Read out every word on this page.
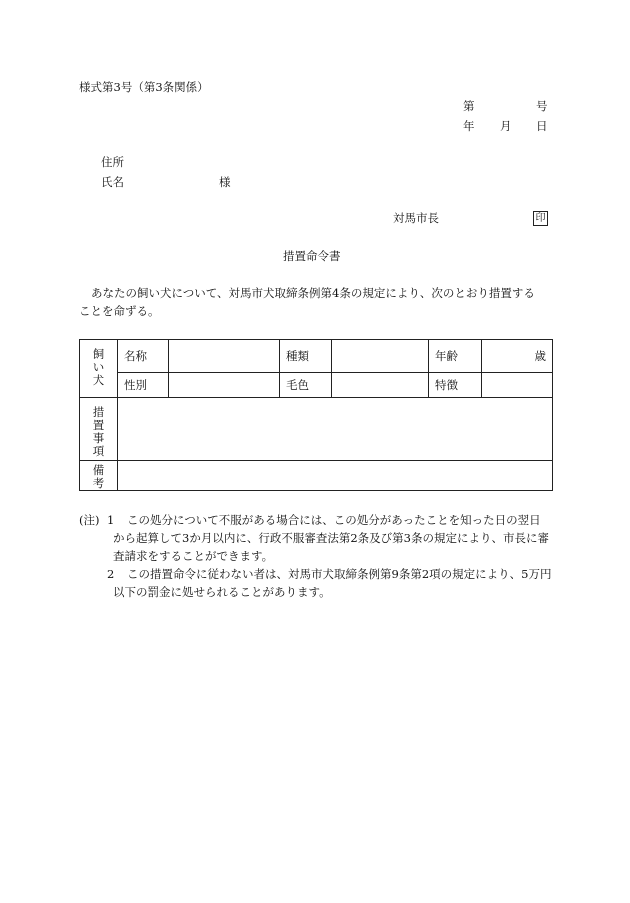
様式第3号（第3条関係）
第	号
年 月 日
住所
氏名	様
対馬市長	印
措置命令書
あなたの飼い犬について、対馬市犬取締条例第4条の規定により、次のとおり措置する
ことを命ずる。
飼い犬	名称		種類		年齢	歳
	性別		毛色		特徴	
措置事項						
備考						
(注) 1	この処分について不服がある場合には、この処分があったことを知った日の翌日
から起算して3か月以内に、行政不服審査法第2条及び第3条の規定により、市長に審
査請求をすることができます。
2	この措置命令に従わない者は、対馬市犬取締条例第9条第2項の規定により、5万円
以下の罰金に処せられることがあります。
